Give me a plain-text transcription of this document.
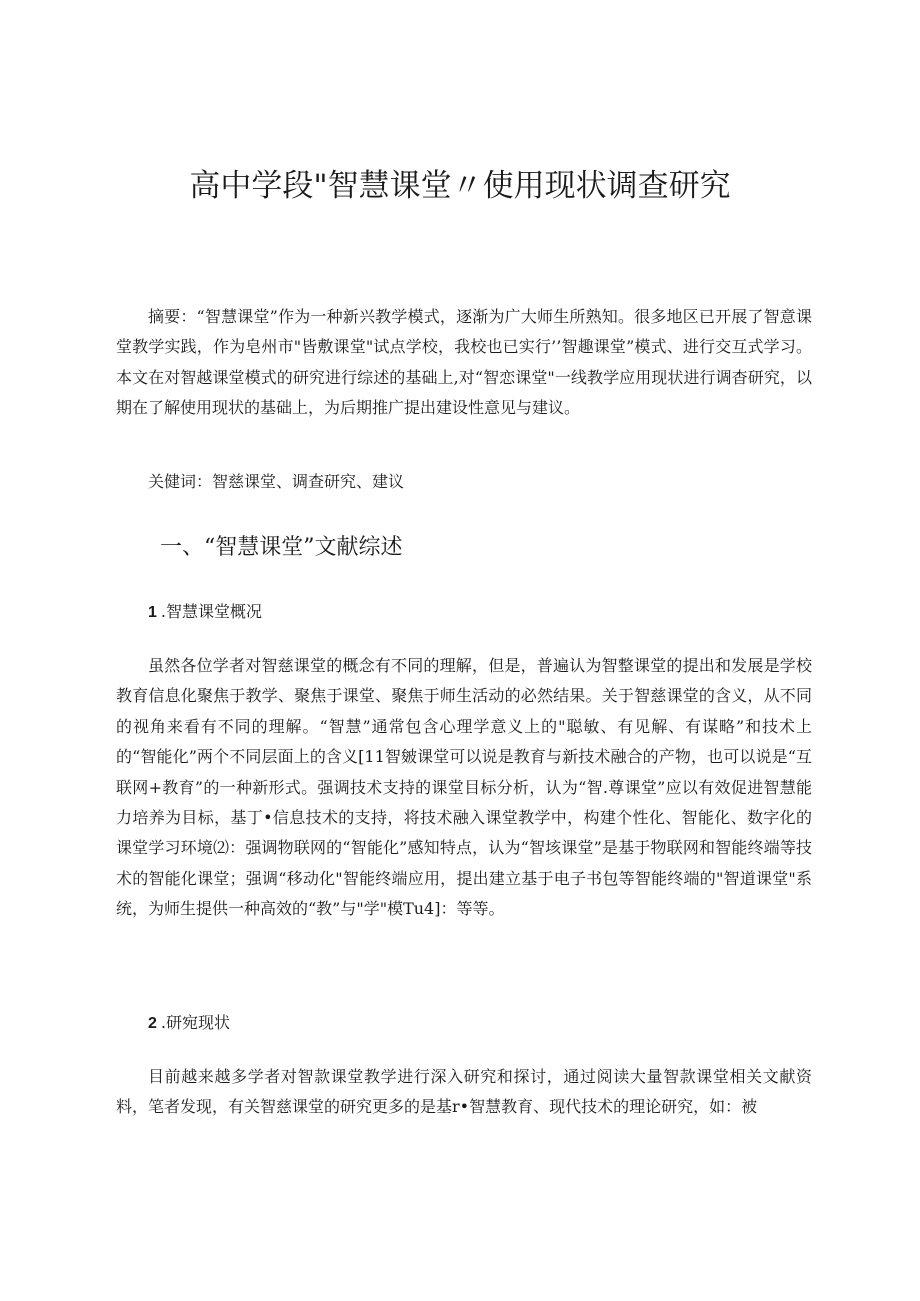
高中学段"智慧课堂〃使用现状调查研究

摘要：“智慧课堂”作为一种新兴教学模式，逐渐为广大师生所熟知。很多地区已开展了智意课堂教学实践，作为皂州市"皆敷课堂"试点学校，我校也已实行’’智趣课堂”模式、进行交互式学习。本文在对智越课堂模式的研究进行综述的基础上,对“智恋课堂"一线教学应用现状进行调杳研究，以期在了解使用现状的基础上，为后期推广提出建设性意见与建议。

关健词：智慈课堂、调查研究、建议
一、“智慧课堂”文献综述
1 .智慧课堂概况

虽然各位学者对智慈课堂的概念有不同的理解，但是，普遍认为智整课堂的提出和发展是学校教育信息化聚焦于教学、聚焦于课堂、聚焦于师生活动的必然结果。关于智慈课堂的含义，从不同的视角来看有不同的理解。“智慧”通常包含心理学意义上的"聪敏、有见解、有谋略”和技术上的“智能化”两个不同层面上的含义[11智皴课堂可以说是教育与新技术融合的产物，也可以说是“互联网+教育”的一种新形式。强调技术支持的课堂目标分析，认为“智.尊课堂”应以有效促进智慧能力培养为目标，基丁•信息技术的支持，将技术融入课堂教学中，构建个性化、智能化、数字化的课堂学习环境⑵：强调物联网的“智能化”感知特点，认为“智垓课堂”是基于物联网和智能终端等技术的智能化课堂；强调“移动化"智能终端应用，提出建立基于电子书包等智能终端的"智道课堂"系统，为师生提供一种高效的“教”与"学"模Tu4]：等等。

2 .研宛现状

目前越来越多学者对智款课堂教学进行深入研究和探讨，通过阅读大量智款课堂相关文献资料，笔者发现，有关智慈课堂的研究更多的是基r•智慧教育、现代技术的理论研究，如：被
